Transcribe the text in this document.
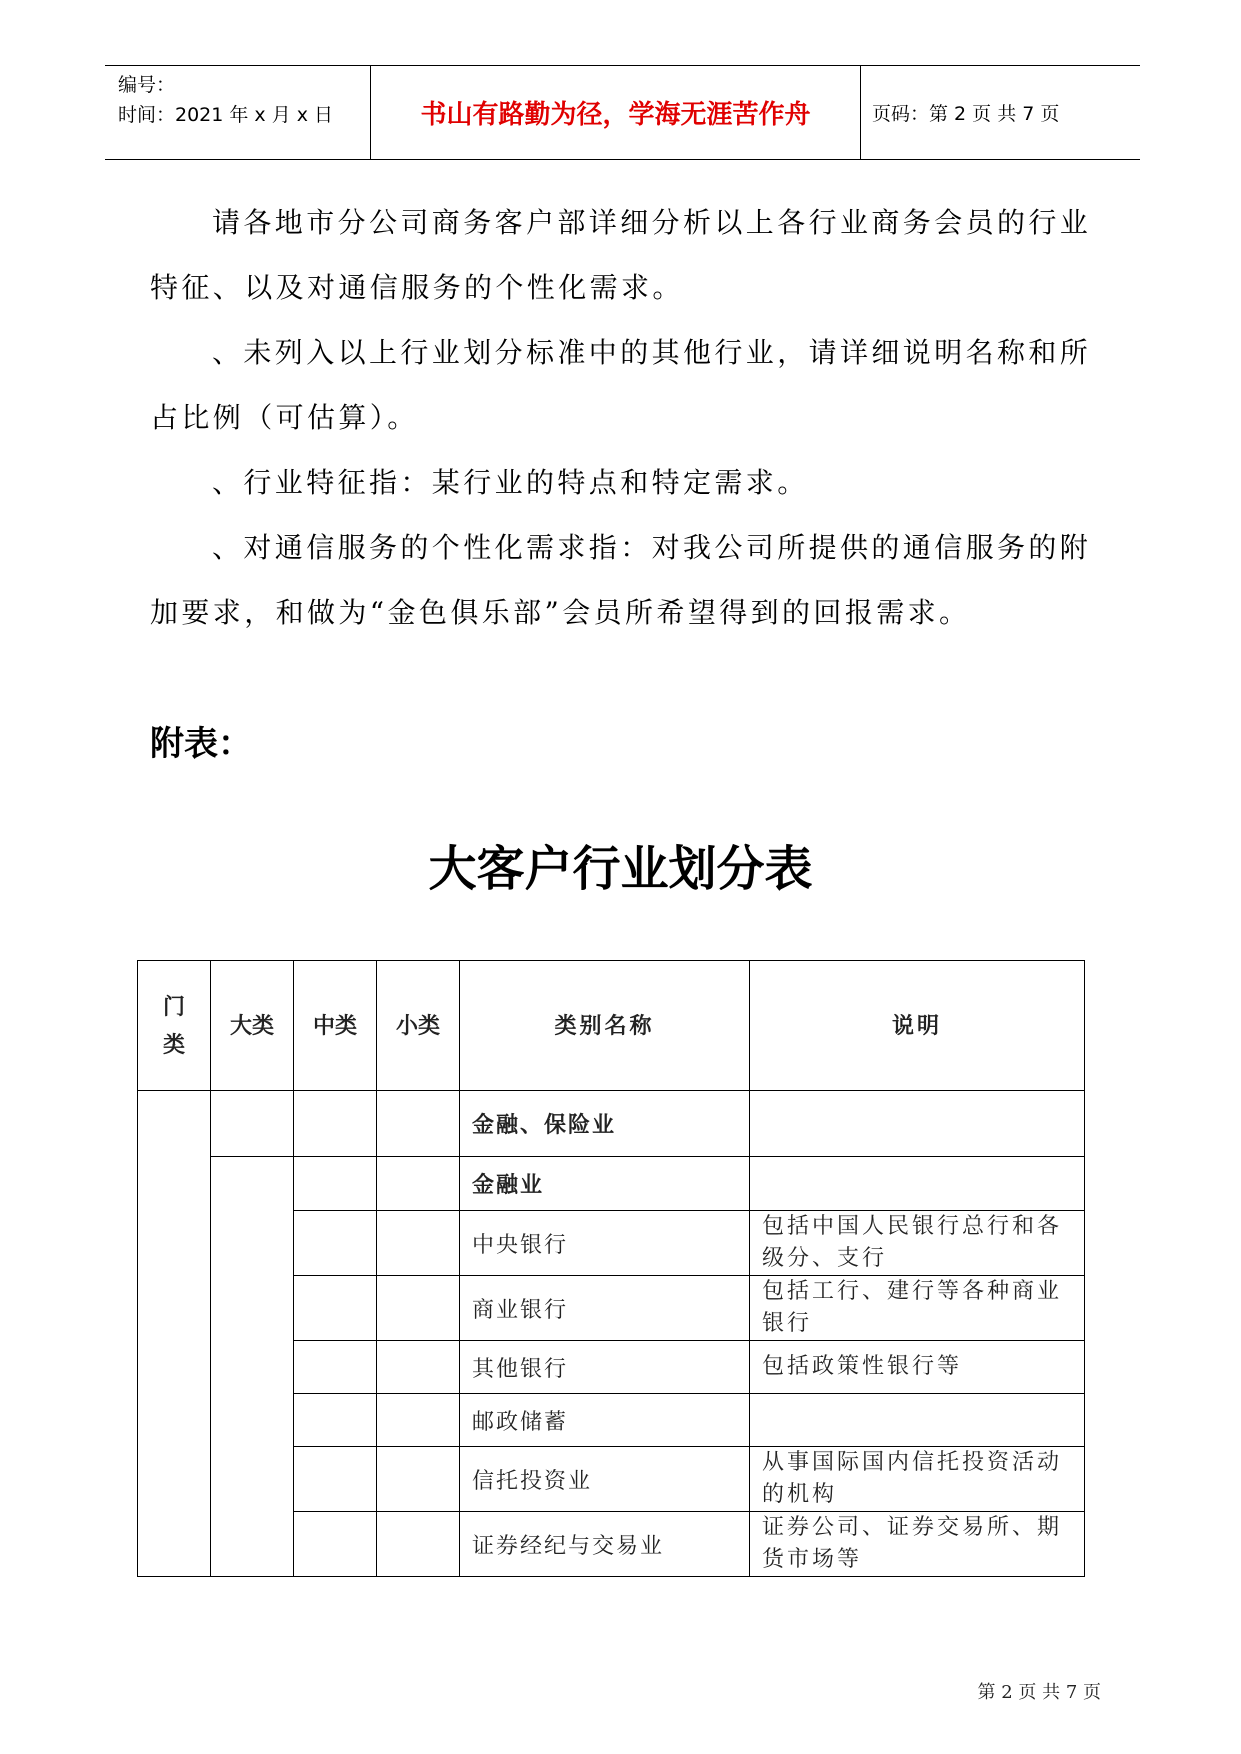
编号：
时间：2021 年 x 月 x 日	书山有路勤为径，学海无涯苦作舟	页码：第 2 页 共 7 页

请各地市分公司商务客户部详细分析以上各行业商务会员的行业特征、以及对通信服务的个性化需求。

、未列入以上行业划分标准中的其他行业，请详细说明名称和所占比例（可估算）。

、行业特征指：某行业的特点和特定需求。

、对通信服务的个性化需求指：对我公司所提供的通信服务的附加要求，和做为“金色俱乐部”会员所希望得到的回报需求。

附表：
大客户行业划分表
门
类	大类	中类	小类	类别名称	说明
				金融、保险业	
				金融业	
				中央银行	包括中国人民银行总行和各级分、支行
				商业银行	包括工行、建行等各种商业银行
				其他银行	包括政策性银行等
				邮政储蓄	
				信托投资业	从事国际国内信托投资活动的机构
				证券经纪与交易业	证券公司、证券交易所、期货市场等
第 2 页 共 7 页
